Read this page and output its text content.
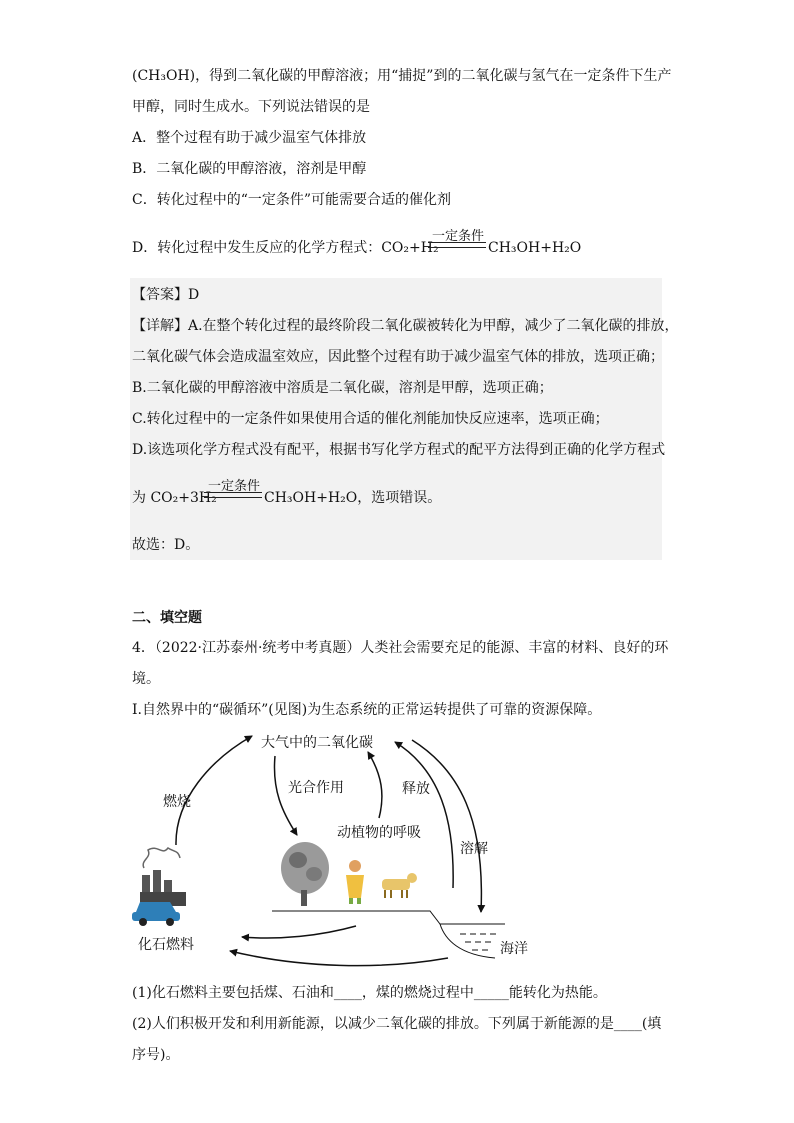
(CH₃OH)，得到二氧化碳的甲醇溶液；用“捕捉”到的二氧化碳与氢气在一定条件下生产
甲醇，同时生成水。下列说法错误的是
A．整个过程有助于减少温室气体排放
B．二氧化碳的甲醇溶液，溶剂是甲醇
C．转化过程中的“一定条件”可能需要合适的催化剂
D．转化过程中发生反应的化学方程式：CO₂+H₂
一定条件
CH₃OH+H₂O
【答案】D
【详解】A.在整个转化过程的最终阶段二氧化碳被转化为甲醇，减少了二氧化碳的排放，
二氧化碳气体会造成温室效应，因此整个过程有助于减少温室气体的排放，选项正确；
B.二氧化碳的甲醇溶液中溶质是二氧化碳，溶剂是甲醇，选项正确；
C.转化过程中的一定条件如果使用合适的催化剂能加快反应速率，选项正确；
D.该选项化学方程式没有配平，根据书写化学方程式的配平方法得到正确的化学方程式
为 CO₂+3H₂
一定条件
CH₃OH+H₂O，选项错误。
故选：D。
二、填空题
4．（2022·江苏泰州·统考中考真题）人类社会需要充足的能源、丰富的材料、良好的环
境。
Ⅰ.自然界中的“碳循环”(见图)为生态系统的正常运转提供了可靠的资源保障。
大气中的二氧化碳
燃烧
光合作用	释放
动植物的呼吸
溶解
化石燃料	海洋
(1)化石燃料主要包括煤、石油和____，煤的燃烧过程中_____能转化为热能。
(2)人们积极开发和利用新能源，以减少二氧化碳的排放。下列属于新能源的是____(填
序号)。
